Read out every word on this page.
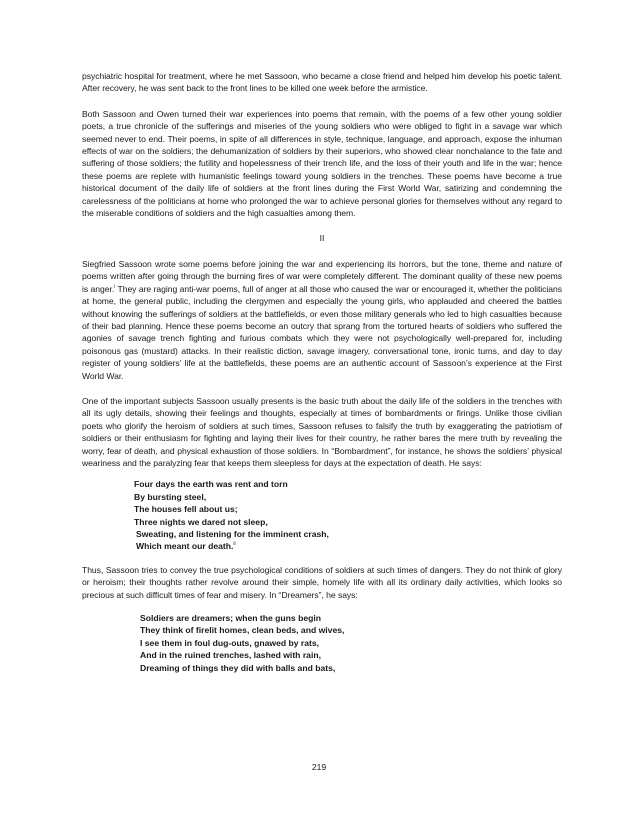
psychiatric hospital for treatment, where he met Sassoon, who became a close friend and helped him develop his poetic talent. After recovery, he was sent back to the front lines to be killed one week before the armistice.

Both Sassoon and Owen turned their war experiences into poems that remain, with the poems of a few other young soldier poets, a true chronicle of the sufferings and miseries of the young soldiers who were obliged to fight in a savage war which seemed never to end. Their poems, in spite of all differences in style, technique, language, and approach, expose the inhuman effects of war on the soldiers; the dehumanization of soldiers by their superiors, who showed clear nonchalance to the fate and suffering of those soldiers; the futility and hopelessness of their trench life, and the loss of their youth and life in the war; hence these poems are replete with humanistic feelings toward young soldiers in the trenches. These poems have become a true historical document of the daily life of soldiers at the front lines during the First World War, satirizing and condemning the carelessness of the politicians at home who prolonged the war to achieve personal glories for themselves without any regard to the miserable conditions of soldiers and the high casualties among them.

II

Siegfried Sassoon wrote some poems before joining the war and experiencing its horrors, but the tone, theme and nature of poems written after going through the burning fires of war were completely different. The dominant quality of these new poems is anger.$^i$ They are raging anti-war poems, full of anger at all those who caused the war or encouraged it, whether the politicians at home, the general public, including the clergymen and especially the young girls, who applauded and cheered the battles without knowing the sufferings of soldiers at the battlefields, or even those military generals who led to high casualties because of their bad planning. Hence these poems become an outcry that sprang from the tortured hearts of soldiers who suffered the agonies of savage trench fighting and furious combats which they were not psychologically well-prepared for, including poisonous gas (mustard) attacks. In their realistic diction, savage imagery, conversational tone, ironic turns, and day to day register of young soldiers’ life at the battlefields, these poems are an authentic account of Sassoon’s experience at the First World War.

One of the important subjects Sassoon usually presents is the basic truth about the daily life of the soldiers in the trenches with all its ugly details, showing their feelings and thoughts, especially at times of bombardments or firings. Unlike those civilian poets who glorify the heroism of soldiers at such times, Sassoon refuses to falsify the truth by exaggerating the patriotism of soldiers or their enthusiasm for fighting and laying their lives for their country, he rather bares the mere truth by revealing the worry, fear of death, and physical exhaustion of those soldiers. In “Bombardment”, for instance, he shows the soldiers’ physical weariness and the paralyzing fear that keeps them sleepless for days at the expectation of death. He says:

Four days the earth was rent and torn
By bursting steel,
The houses fell about us;
Three nights we dared not sleep,
Sweating, and listening for the imminent crash,
Which meant our death.$^{ii}$

Thus, Sassoon tries to convey the true psychological conditions of soldiers at such times of dangers. They do not think of glory or heroism; their thoughts rather revolve around their simple, homely life with all its ordinary daily activities, which looks so precious at such difficult times of fear and misery. In “Dreamers”, he says:

Soldiers are dreamers; when the guns begin
They think of firelit homes, clean beds, and wives,
I see them in foul dug-outs, gnawed by rats,
And in the ruined trenches, lashed with rain,
Dreaming of things they did with balls and bats,
219
